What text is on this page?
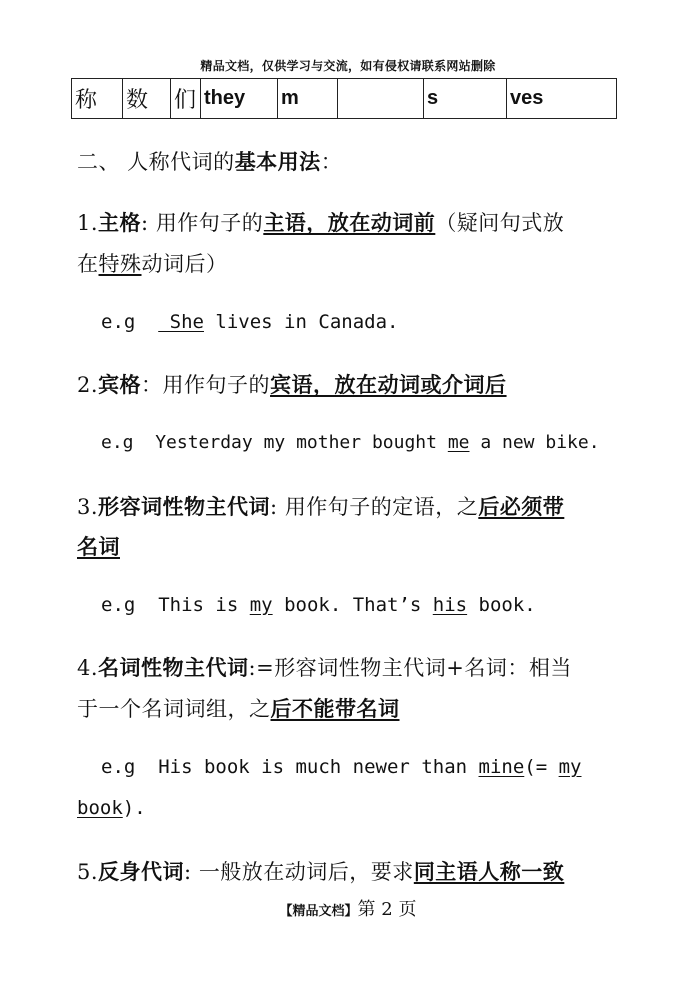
精品文档，仅供学习与交流，如有侵权请联系网站删除
称	数	们	they	m		s	ves
二、 人称代词的基本用法：
1.主格: 用作句子的主语，放在动词前（疑问句式放
在特殊动词后）
e.g   She lives in Canada.
2.宾格：用作句子的宾语，放在动词或介词后
e.g Yesterday my mother bought me a new bike.
3.形容词性物主代词: 用作句子的定语，之后必须带
名词
e.g This is my book. That’s his book.
4.名词性物主代词:=形容词性物主代词+名词：相当
于一个名词词组，之后不能带名词
e.g His book is much newer than mine(= my
book).
5.反身代词: 一般放在动词后，要求同主语人称一致
【精品文档】第 2 页
